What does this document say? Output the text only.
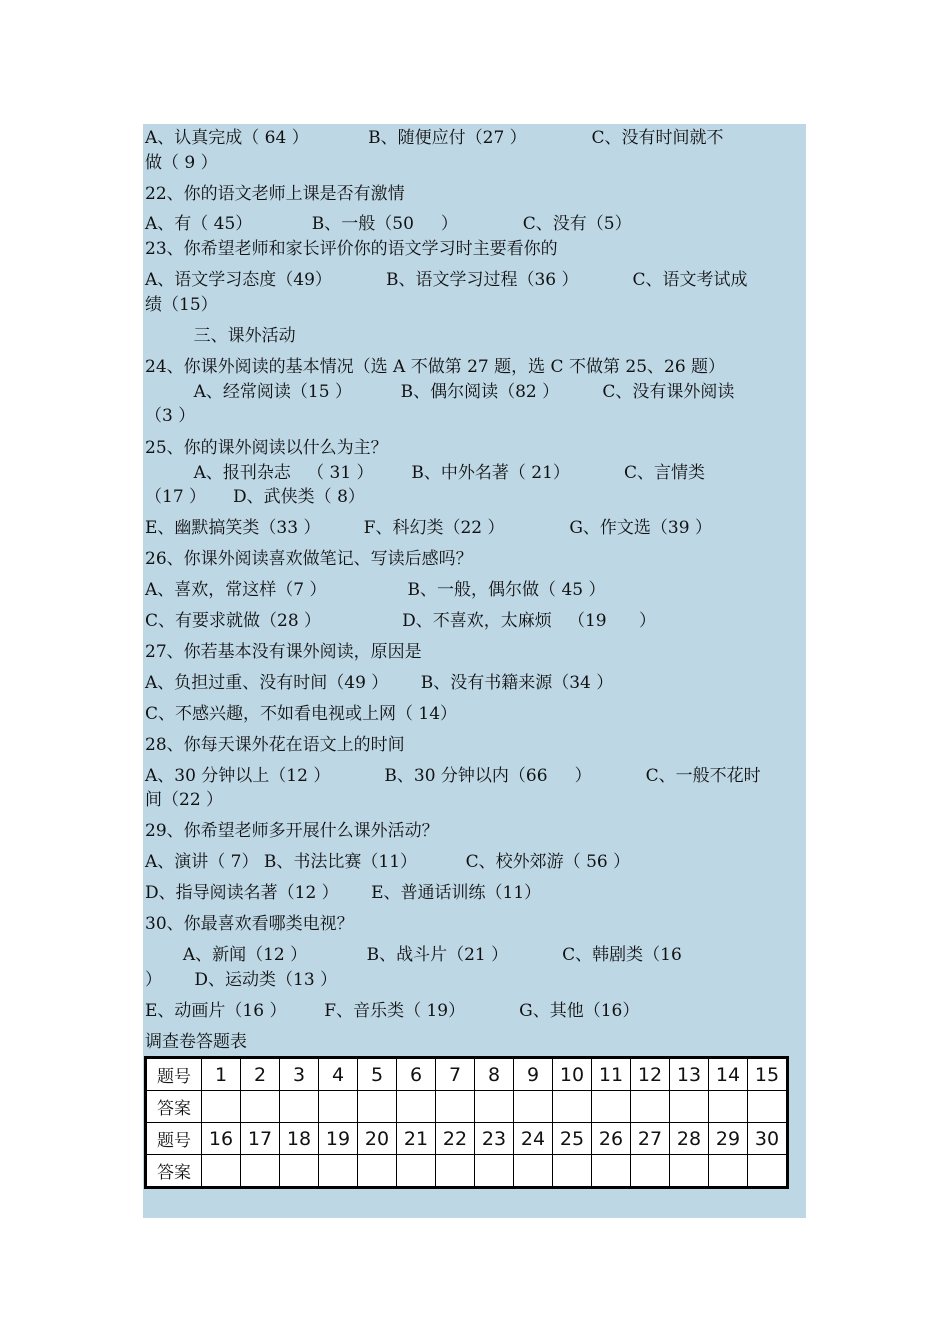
A、认真完成（ 64 ）           B、随便应付（27 ）            C、没有时间就不
做（ 9 ）
22、你的语文老师上课是否有激情
A、有（ 45）           B、一般（50     ）            C、没有（5）
23、你希望老师和家长评价你的语文学习时主要看你的
A、语文学习态度（49）          B、语文学习过程（36 ）          C、语文考试成
绩（15）
三、课外活动
24、你课外阅读的基本情况（选 A 不做第 27 题，选 C 不做第 25、26 题）
A、经常阅读（15 ）         B、偶尔阅读（82 ）        C、没有课外阅读
（3 ）
25、你的课外阅读以什么为主？
A、报刊杂志   （ 31 ）       B、中外名著（ 21）          C、言情类
（17 ）     D、武侠类（ 8）
E、幽默搞笑类（33 ）        F、科幻类（22 ）            G、作文选（39 ）
26、你课外阅读喜欢做笔记、写读后感吗？
A、喜欢，常这样（7 ）               B、一般，偶尔做（ 45 ）
C、有要求就做（28 ）               D、不喜欢，太麻烦   （19      ）
27、你若基本没有课外阅读，原因是
A、负担过重、没有时间（49 ）      B、没有书籍来源（34 ）
C、不感兴趣，不如看电视或上网（ 14）
28、你每天课外花在语文上的时间
A、30 分钟以上（12 ）          B、30 分钟以内（66     ）          C、一般不花时
间（22 ）
29、你希望老师多开展什么课外活动？
A、演讲（ 7） B、书法比赛（11）         C、校外郊游（ 56 ）
D、指导阅读名著（12 ）      E、普通话训练（11）
30、你最喜欢看哪类电视？
A、新闻（12 ）           B、战斗片（21 ）          C、韩剧类（16
）      D、运动类（13 ）
E、动画片（16 ）       F、音乐类（ 19）          G、其他（16）
调查卷答题表
题号	1	2	3	4	5	6	7	8	9	10	11	12	13	14	15
答案															
题号	16	17	18	19	20	21	22	23	24	25	26	27	28	29	30
答案															
